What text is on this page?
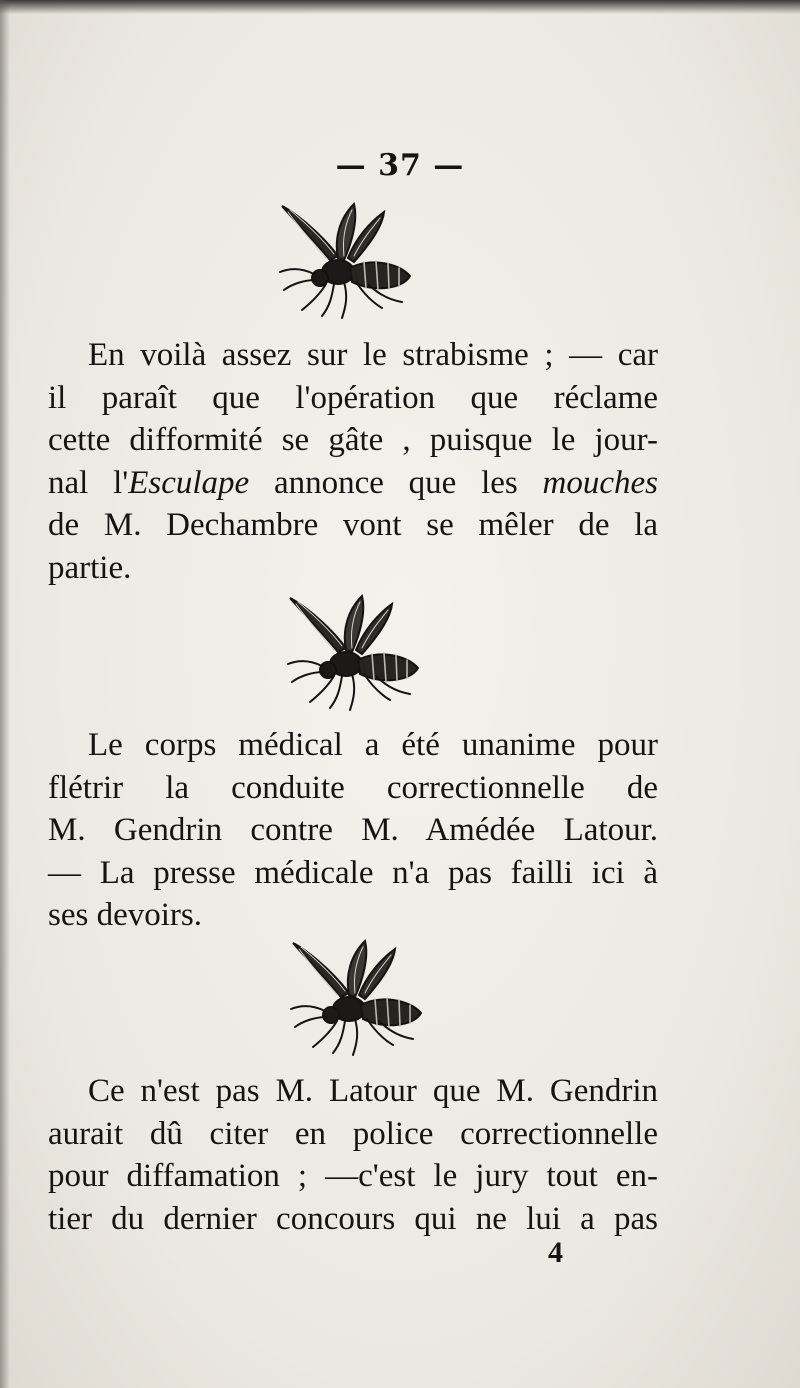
— 37 —
En voilà assez sur le strabisme ; — car
il paraît que l'opération que réclame
cette difformité se gâte , puisque le jour-
nal l'Esculape annonce que les mouches
de M. Dechambre vont se mêler de la
partie.
Le corps médical a été unanime pour
flétrir la conduite correctionnelle de
M. Gendrin contre M. Amédée Latour.
— La presse médicale n'a pas failli ici à
ses devoirs.
Ce n'est pas M. Latour que M. Gendrin
aurait dû citer en police correctionnelle
pour diffamation ; —c'est le jury tout en-
tier du dernier concours qui ne lui a pas
4
